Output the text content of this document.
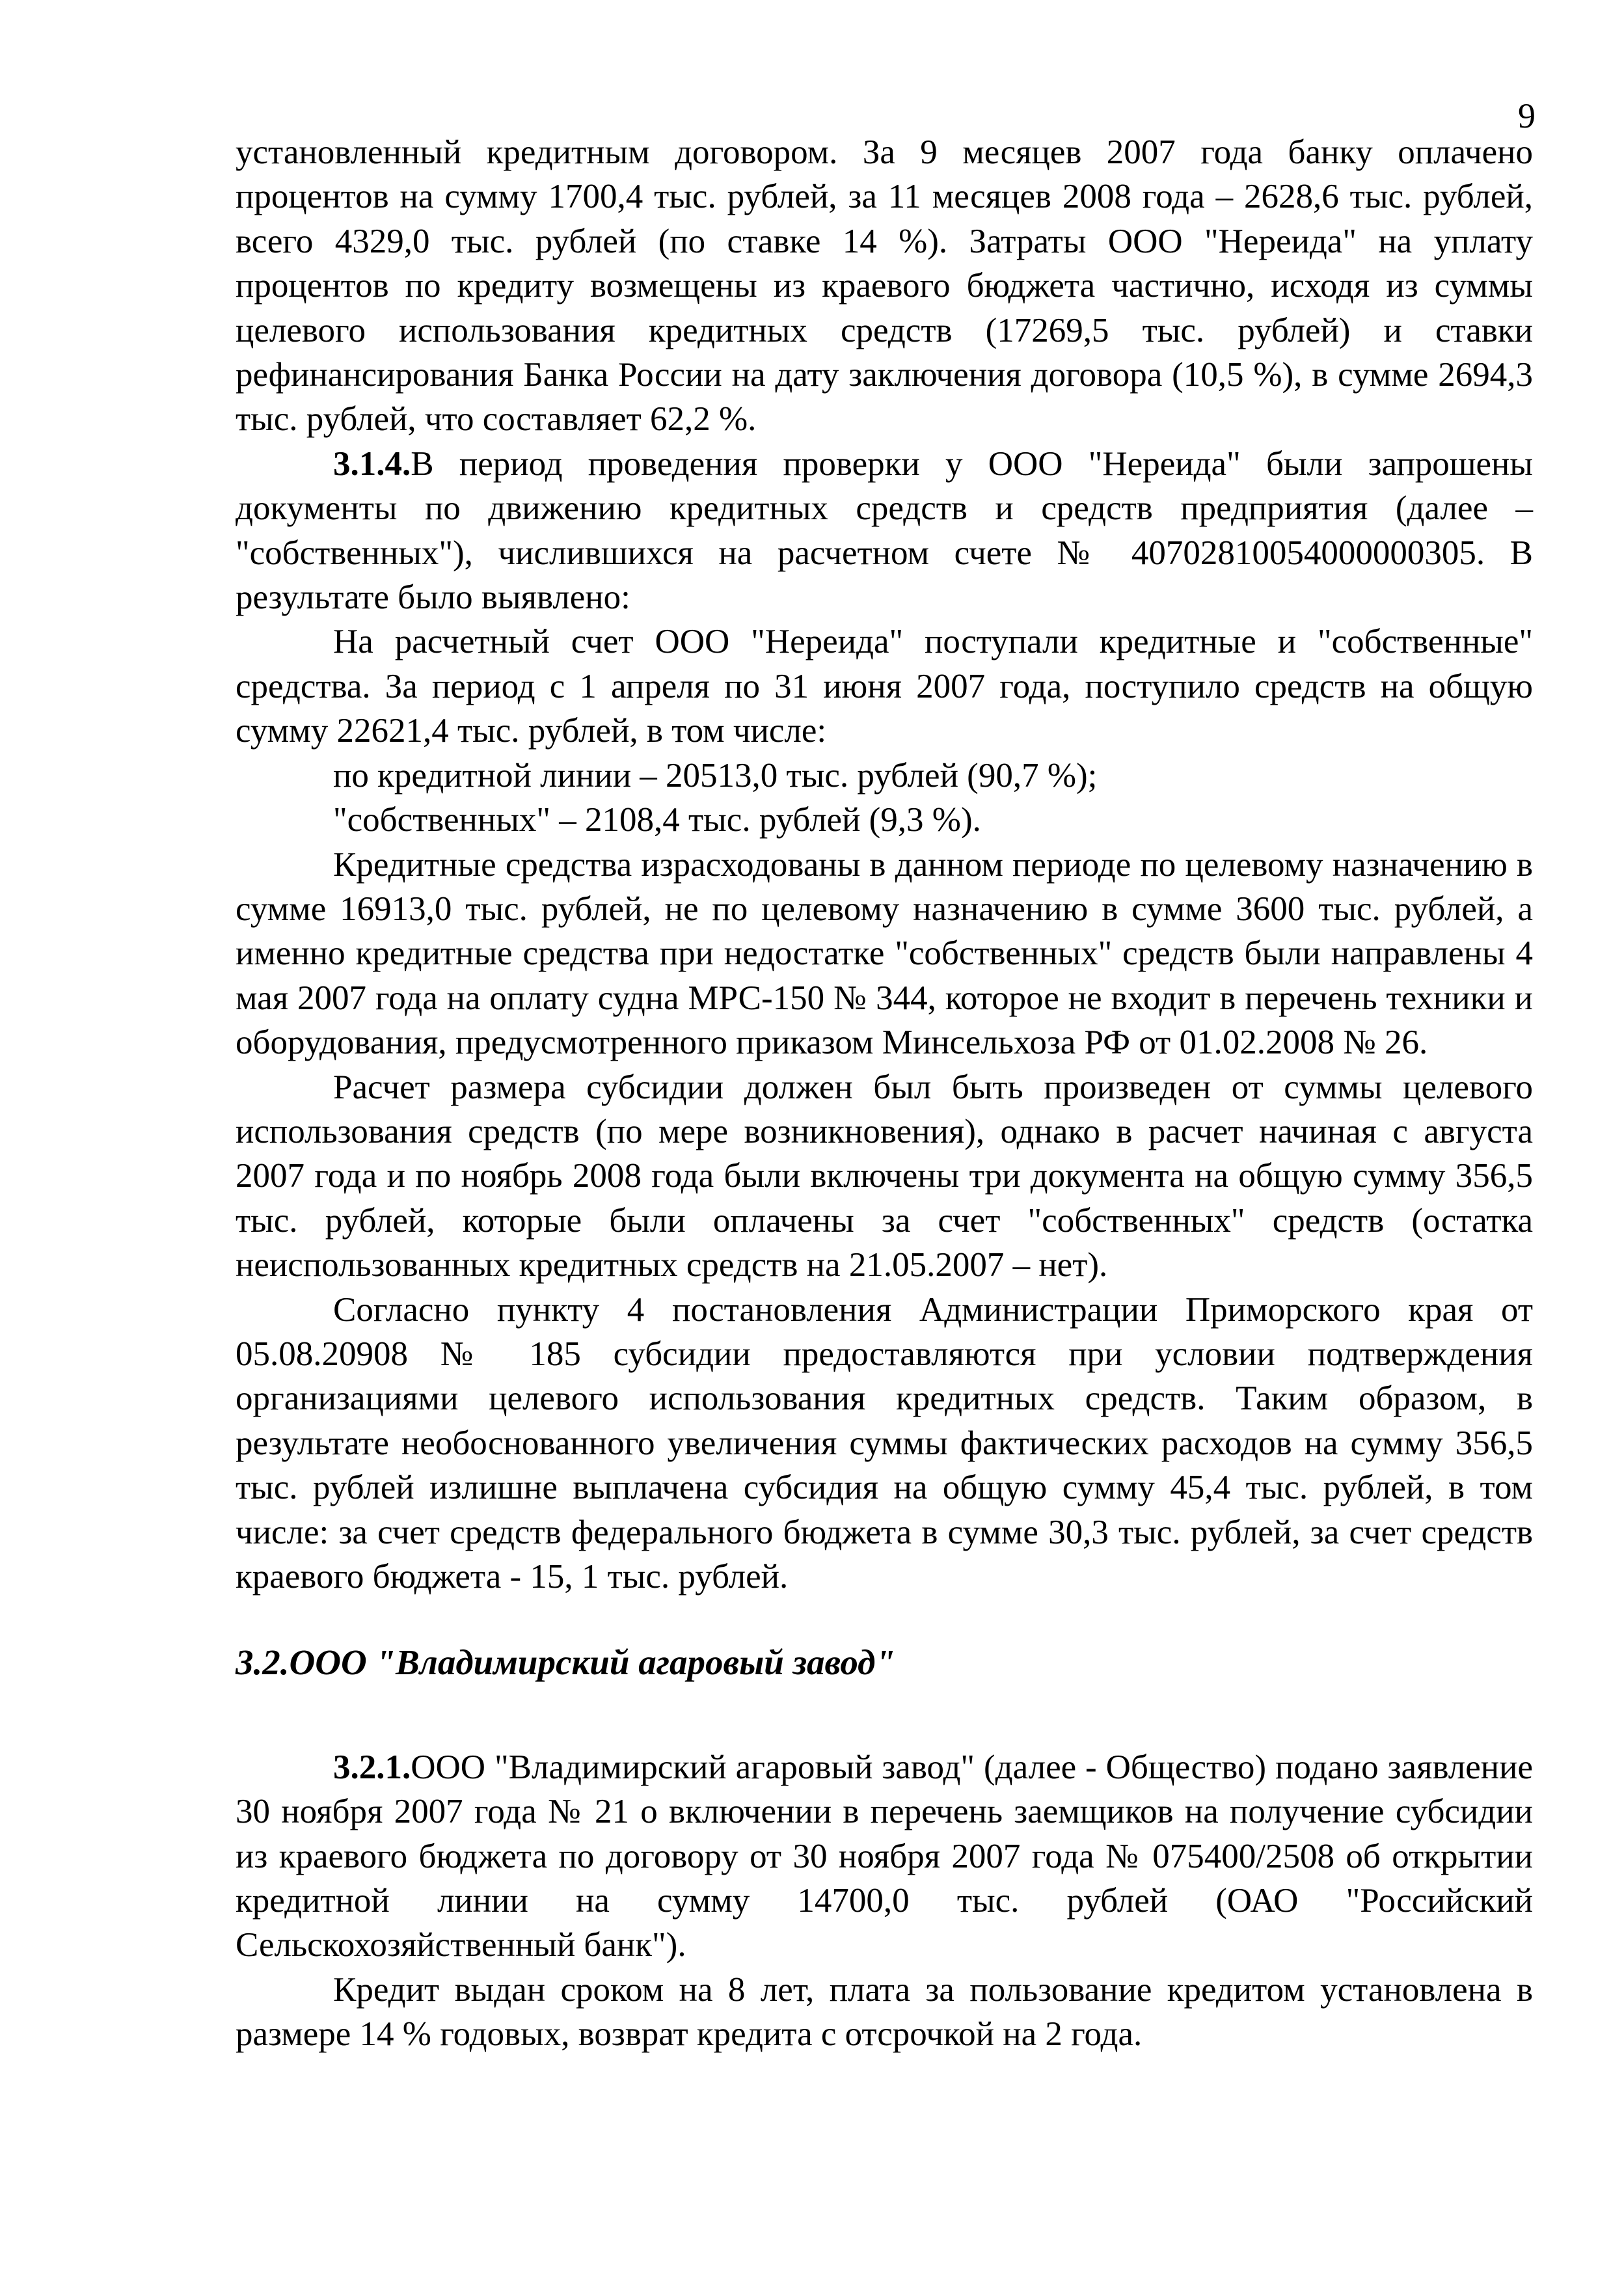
9

установленный кредитным договором. За 9 месяцев 2007 года банку оплачено процентов на сумму 1700,4 тыс. рублей, за 11 месяцев 2008 года – 2628,6 тыс. рублей, всего 4329,0 тыс. рублей (по ставке 14 %). Затраты ООО "Нереида" на уплату процентов по кредиту возмещены из краевого бюджета частично, исходя из суммы целевого использования кредитных средств (17269,5 тыс. рублей) и ставки рефинансирования Банка России на дату заключения договора (10,5 %), в сумме 2694,3 тыс. рублей, что составляет 62,2 %.

3.1.4.В период проведения проверки у ООО "Нереида" были запрошены документы по движению кредитных средств и средств предприятия (далее – "собственных"), числившихся на расчетном счете № 40702810054000000305. В результате было выявлено:

На расчетный счет ООО "Нереида" поступали кредитные и "собственные" средства. За период с 1 апреля по 31 июня 2007 года, поступило средств на общую сумму 22621,4 тыс. рублей, в том числе:

по кредитной линии – 20513,0 тыс. рублей (90,7 %);

"собственных" – 2108,4 тыс. рублей (9,3 %).

Кредитные средства израсходованы в данном периоде по целевому назначению в сумме 16913,0 тыс. рублей, не по целевому назначению в сумме 3600 тыс. рублей, а именно кредитные средства при недостатке "собственных" средств были направлены 4 мая 2007 года на оплату судна МРС-150 № 344, которое не входит в перечень техники и оборудования, предусмотренного приказом Минсельхоза РФ от 01.02.2008 № 26.

Расчет размера субсидии должен был быть произведен от суммы целевого использования средств (по мере возникновения), однако в расчет начиная с августа 2007 года и по ноябрь 2008 года были включены три документа на общую сумму 356,5 тыс. рублей, которые были оплачены за счет "собственных" средств (остатка неиспользованных кредитных средств на 21.05.2007 – нет).

Согласно пункту 4 постановления Администрации Приморского края от 05.08.20908 № 185 субсидии предоставляются при условии подтверждения организациями целевого использования кредитных средств. Таким образом, в результате необоснованного увеличения суммы фактических расходов на сумму 356,5 тыс. рублей излишне выплачена субсидия на общую сумму 45,4 тыс. рублей, в том числе: за счет средств федерального бюджета в сумме 30,3 тыс. рублей, за счет средств краевого бюджета - 15, 1 тыс. рублей.

3.2.ООО "Владимирский агаровый завод"

3.2.1.ООО "Владимирский агаровый завод" (далее - Общество) подано заявление 30 ноября 2007 года № 21 о включении в перечень заемщиков на получение субсидии из краевого бюджета по договору от 30 ноября 2007 года № 075400/2508 об открытии кредитной линии на сумму 14700,0 тыс. рублей (ОАО "Российский Сельскохозяйственный банк").

Кредит выдан сроком на 8 лет, плата за пользование кредитом установлена в размере 14 % годовых, возврат кредита с отсрочкой на 2 года.
